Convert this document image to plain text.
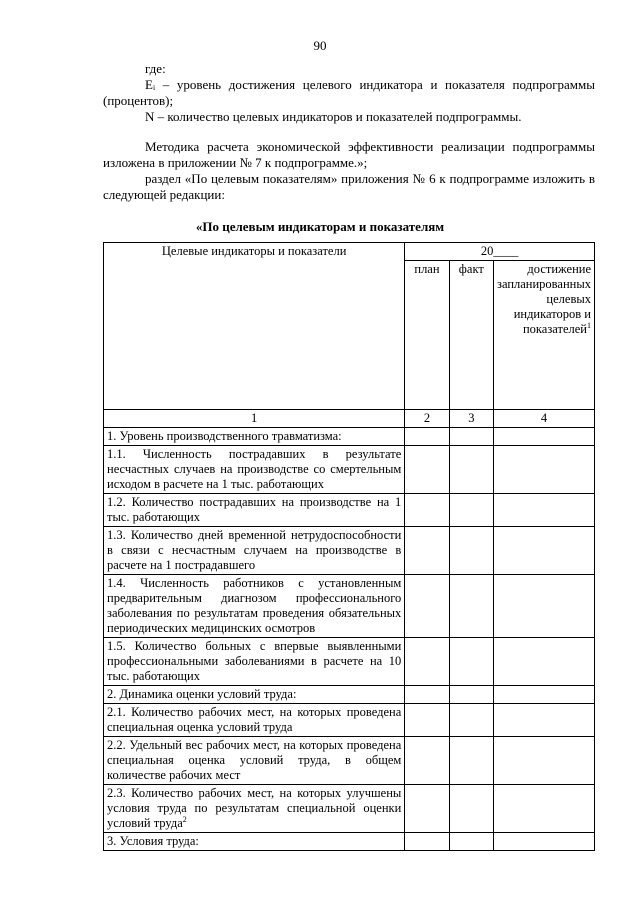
90

где:

Eᵢ – уровень достижения целевого индикатора и показателя подпрограммы (процентов);

N – количество целевых индикаторов и показателей подпрограммы.

Методика расчета экономической эффективности реализации подпрограммы изложена в приложении № 7 к подпрограмме.»;

раздел «По целевым показателям» приложения № 6 к подпрограмме изложить в следующей редакции:

«По целевым индикаторам и показателям
Целевые индикаторы и показатели	20____		
	план	факт	достижение запланированных целевых индикаторов и показателей$^1$
1	2	3	4
1. Уровень производственного травматизма:			
1.1. Численность пострадавших в результате несчастных случаев на производстве со смертельным исходом в расчете на 1 тыс. работающих			
1.2. Количество пострадавших на производстве на 1 тыс. работающих			
1.3. Количество дней временной нетрудоспособности в связи с несчастным случаем на производстве в расчете на 1 пострадавшего			
1.4. Численность работников с установленным предварительным диагнозом профессионального заболевания по результатам проведения обязательных периодических медицинских осмотров			
1.5. Количество больных с впервые выявленными профессиональными заболеваниями в расчете на 10 тыс. работающих			
2. Динамика оценки условий труда:			
2.1. Количество рабочих мест, на которых проведена специальная оценка условий труда			
2.2. Удельный вес рабочих мест, на которых проведена специальная оценка условий труда, в общем количестве рабочих мест			
2.3. Количество рабочих мест, на которых улучшены условия труда по результатам специальной оценки условий труда$^2$			
3. Условия труда:			
